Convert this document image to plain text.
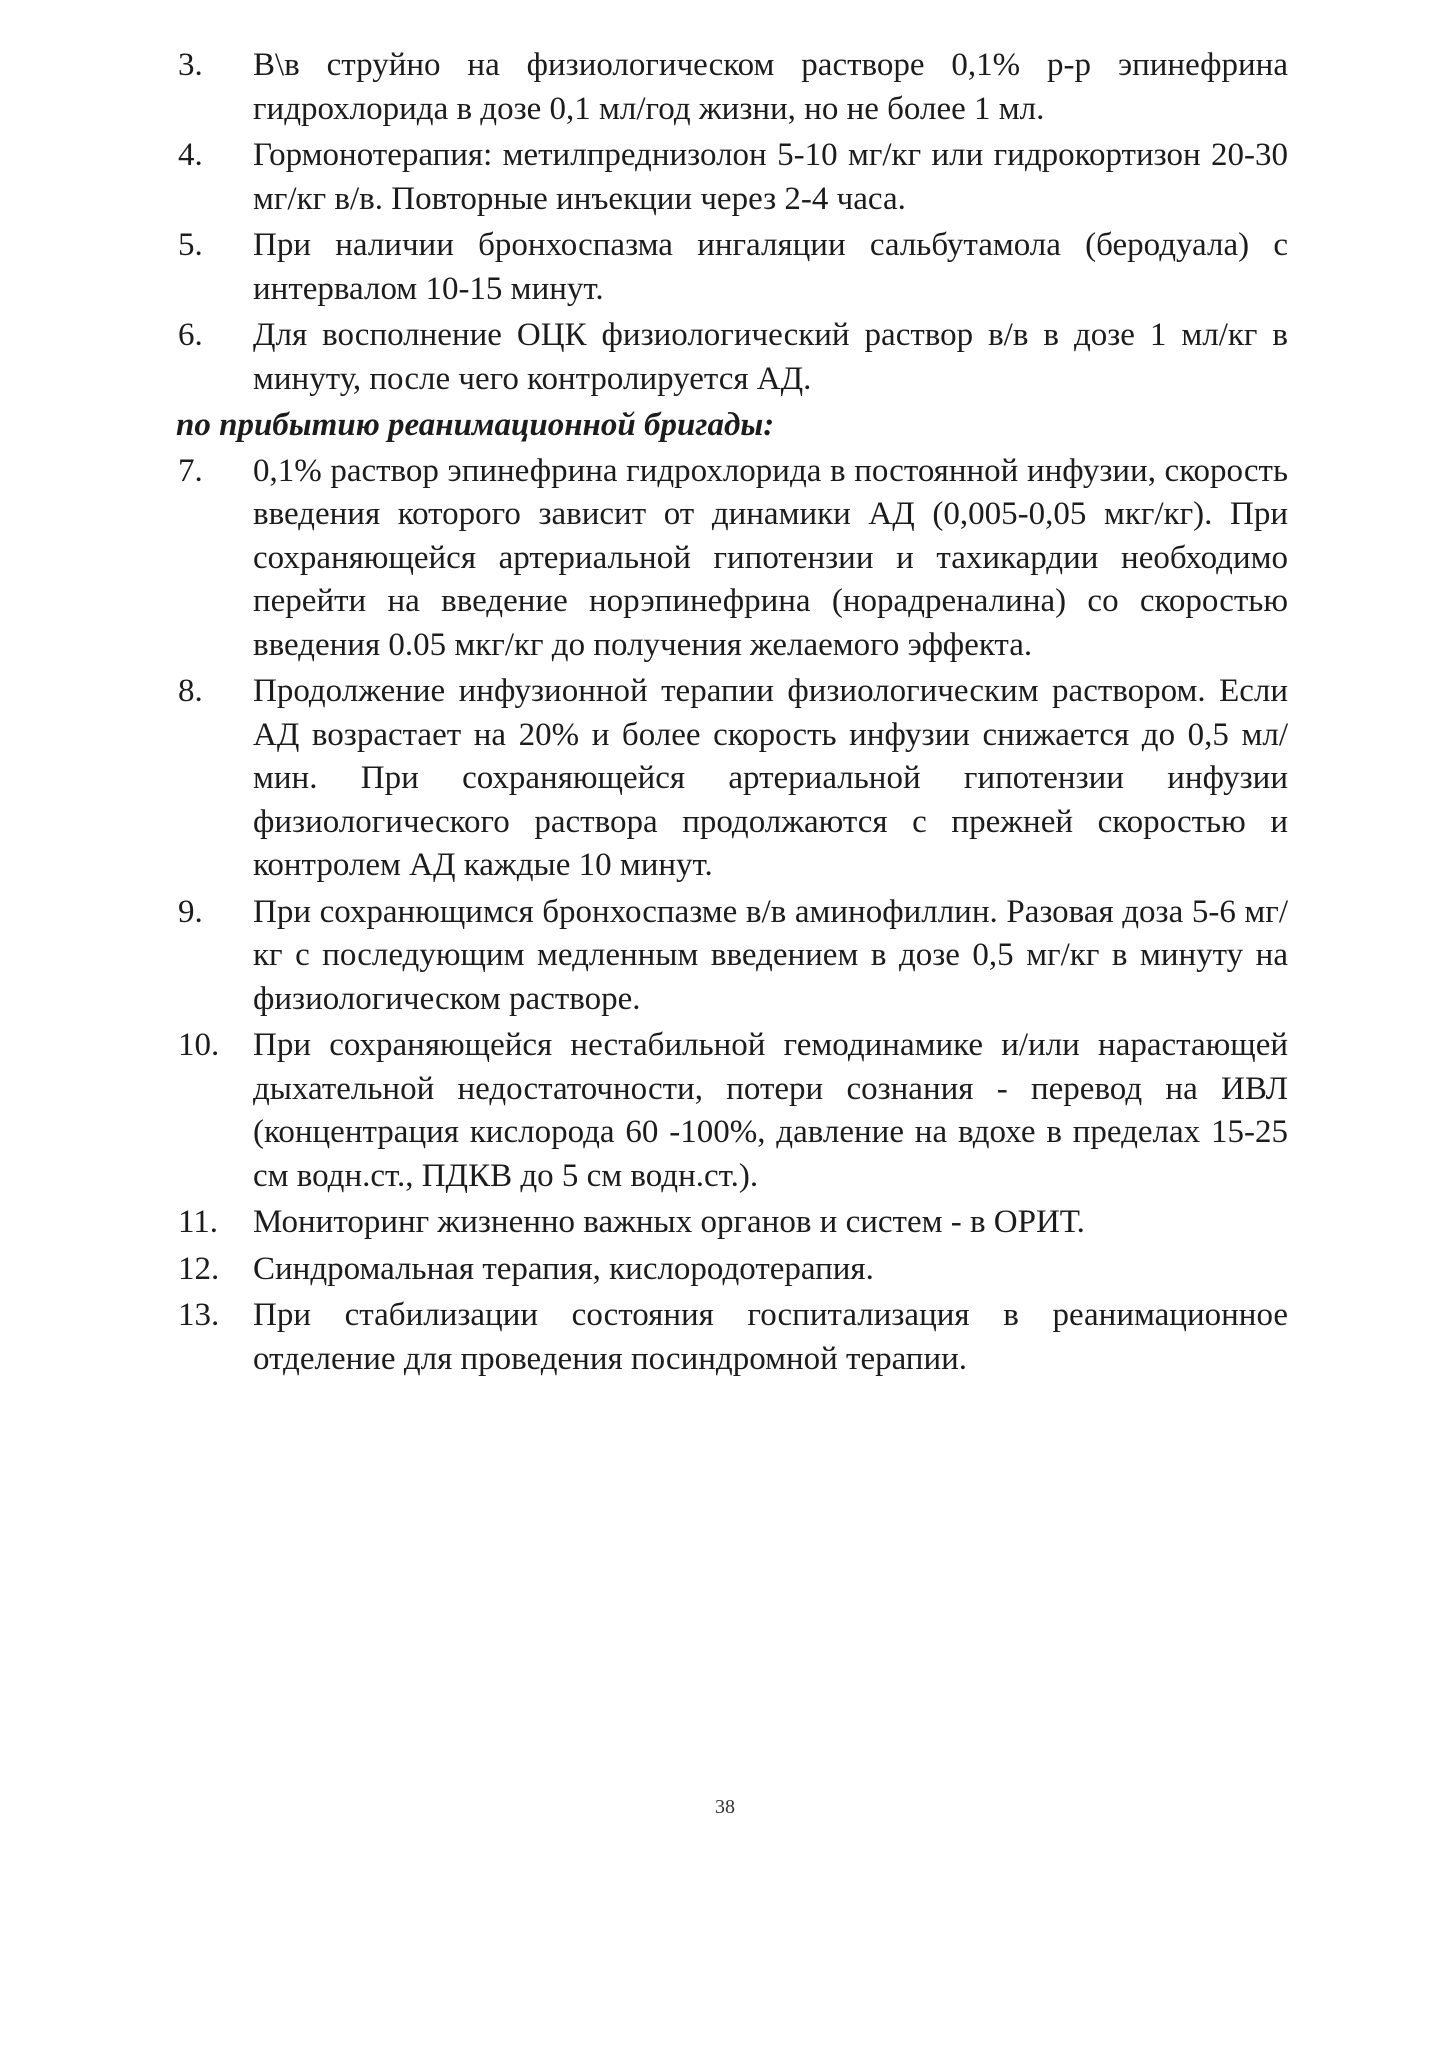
3.	В\в струйно на физиологическом растворе 0,1% р-р эпинефрина гидрохлорида в дозе 0,1 мл/год жизни, но не более 1 мл.
4.	Гормонотерапия: метилпреднизолон 5-10 мг/кг или гидрокортизон 20-30 мг/кг в/в. Повторные инъекции через 2-4 часа.
5.	При наличии бронхоспазма ингаляции сальбутамола (беродуала) с интервалом 10-15 минут.
6.	Для восполнение ОЦК физиологический раствор в/в в дозе 1 мл/кг в минуту, после чего контролируется АД.
по прибытию реанимационной бригады:
7.	0,1% раствор эпинефрина гидрохлорида в постоянной инфузии, скорость введения которого зависит от динамики АД (0,005-0,05 мкг/кг). При сохраняющейся артериальной гипотензии и тахикардии необходимо перейти на введение норэпинефрина (норадреналина) со скоростью введения 0.05 мкг/кг до получения желаемого эффекта.
8.	Продолжение инфузионной терапии физиологическим раствором. Если АД возрастает на 20% и более скорость инфузии снижается до 0,5 мл/мин. При сохраняющейся артериальной гипотензии инфузии физиологического раствора продолжаются с прежней скоростью и контролем АД каждые 10 минут.
9.	При сохранющимся бронхоспазме в/в аминофиллин. Разовая доза 5-6 мг/кг с последующим медленным введением в дозе 0,5 мг/кг в минуту на физиологическом растворе.
10.	При сохраняющейся нестабильной гемодинамике и/или нарастающей дыхательной недостаточности, потери сознания - перевод на ИВЛ (концентрация кислорода 60 -100%, давление на вдохе в пределах 15-25 см водн.ст., ПДКВ до 5 см водн.ст.).
11.	Мониторинг жизненно важных органов и систем - в ОРИТ.
12.	Синдромальная терапия, кислородотерапия.
13.	При стабилизации состояния госпитализация в реанимационное отделение для проведения посиндромной терапии.
38
